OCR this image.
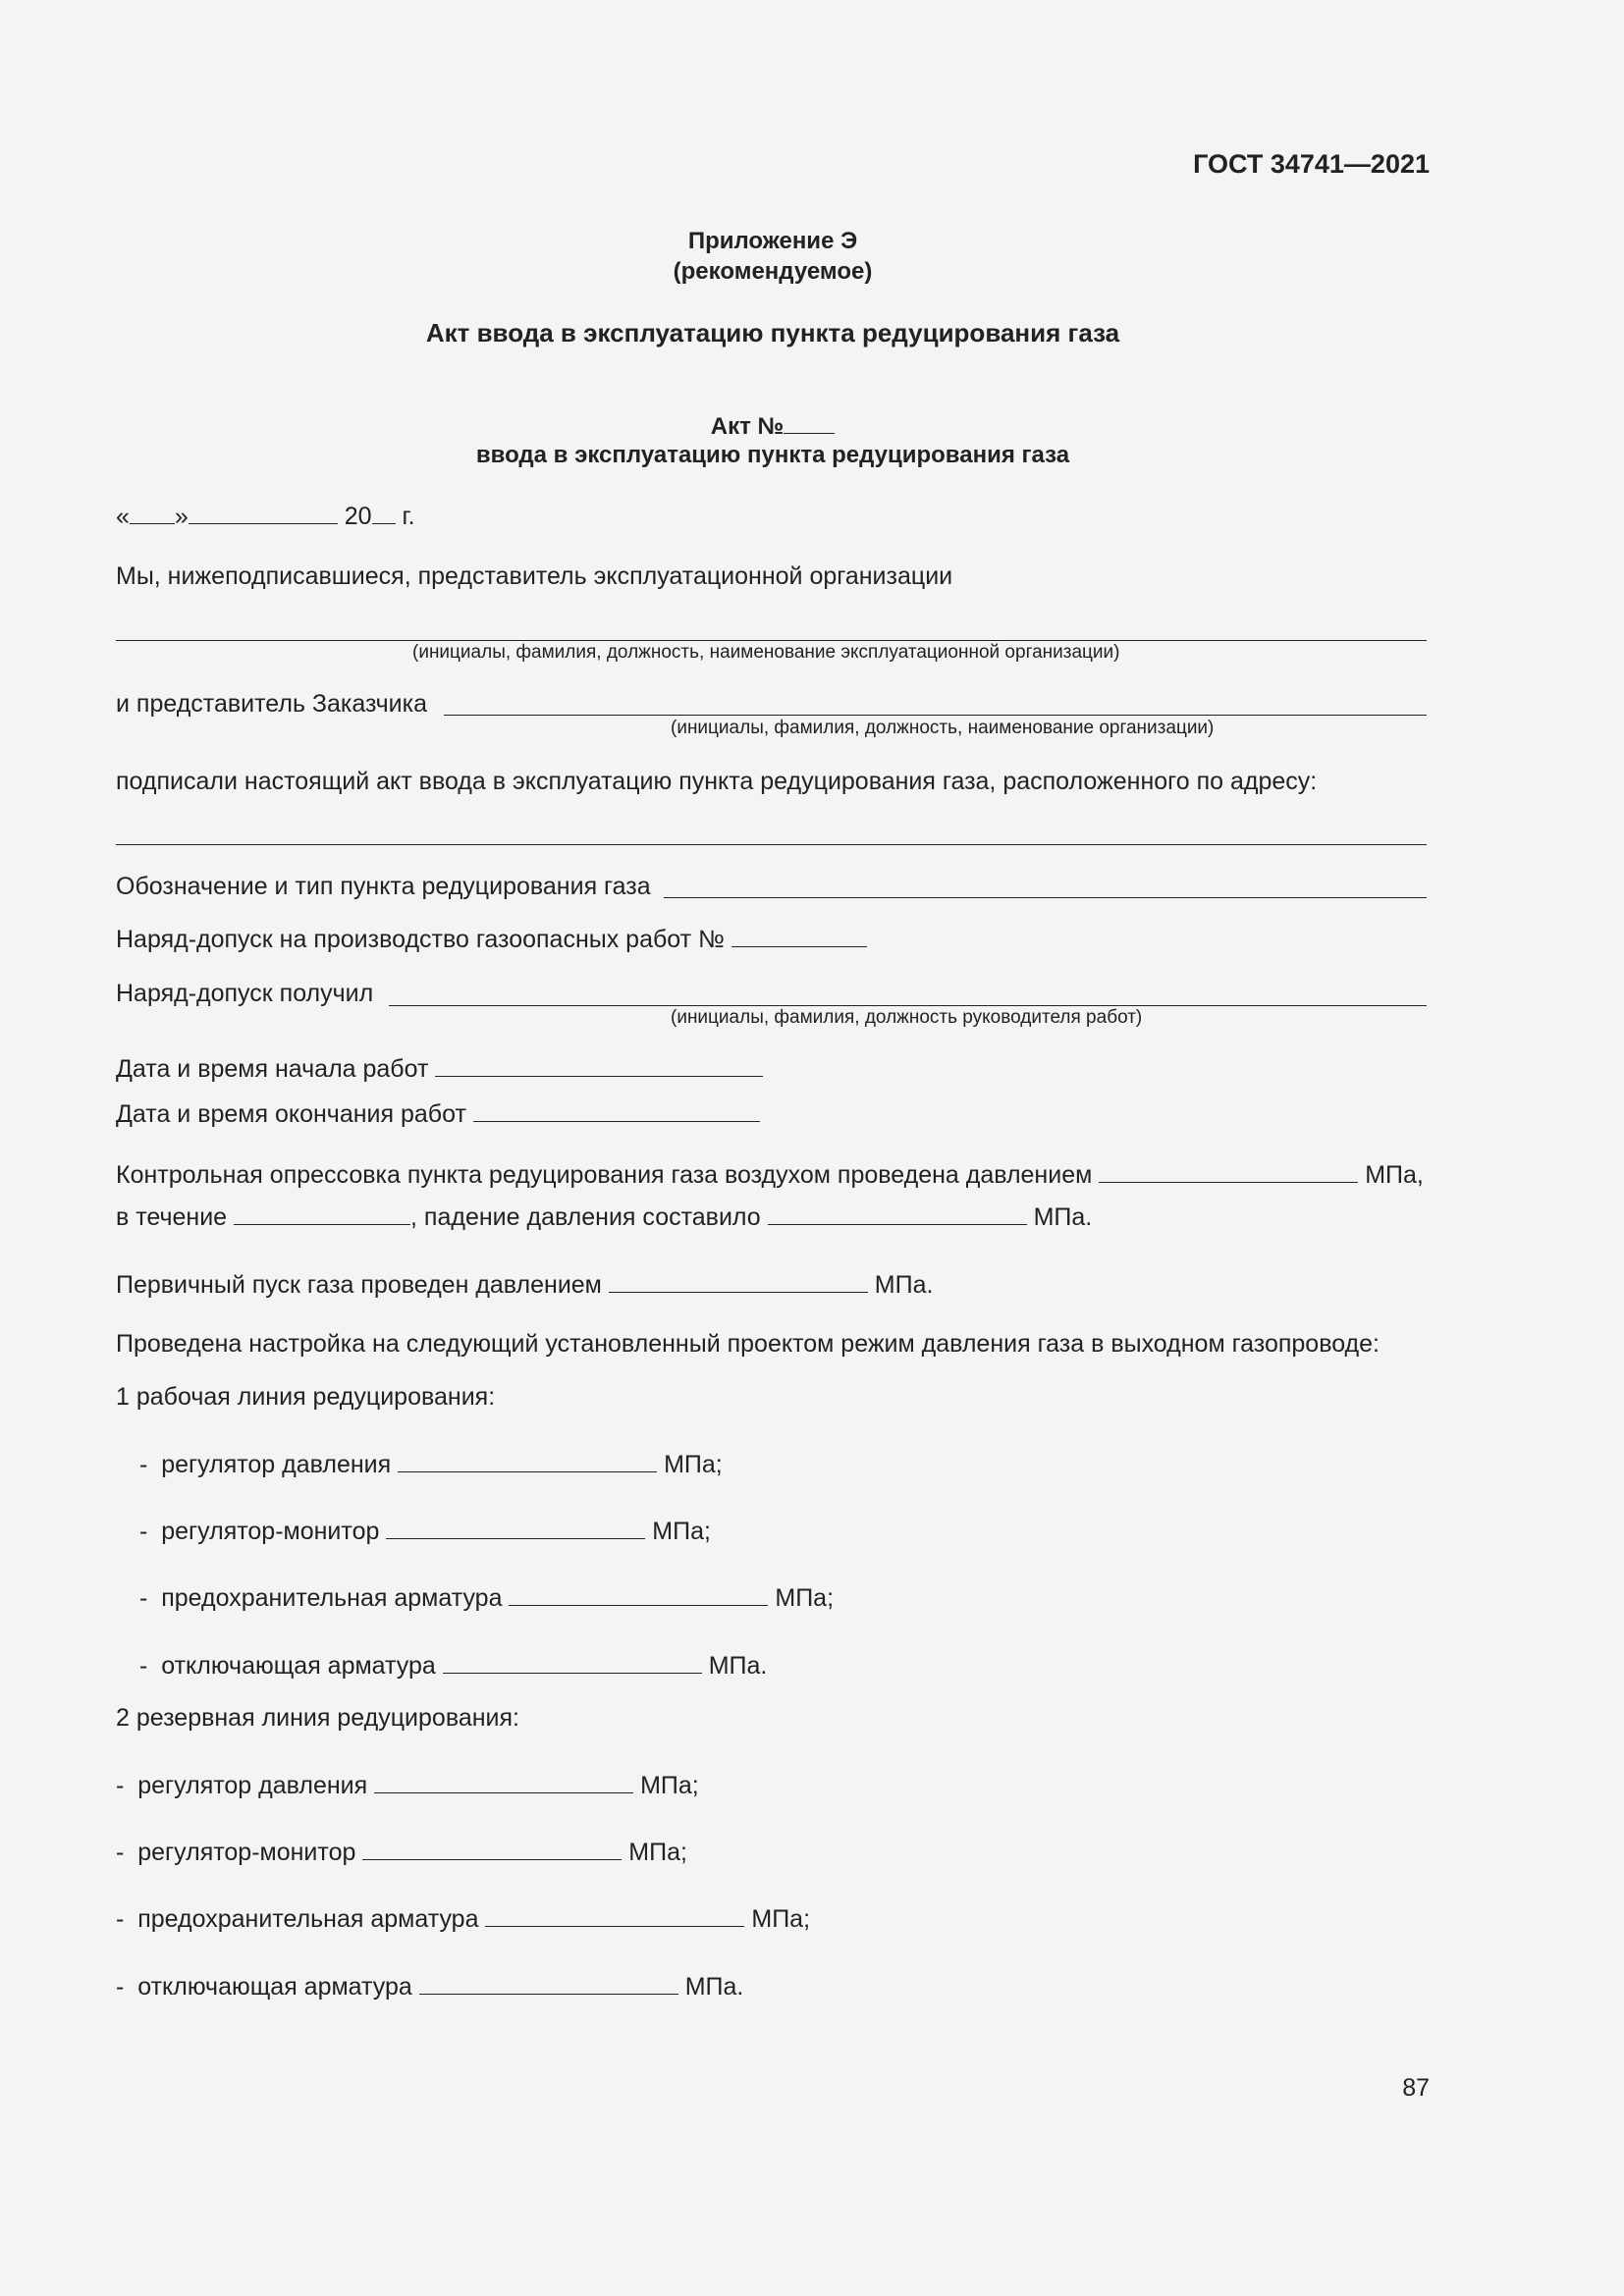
ГОСТ 34741—2021
Приложение Э
(рекомендуемое)
Акт ввода в эксплуатацию пункта редуцирования газа
Акт №
ввода в эксплуатацию пункта редуцирования газа
« »	20 г.
Мы, нижеподписавшиеся, представитель эксплуатационной организации
(инициалы, фамилия, должность, наименование эксплуатационной организации)
и представитель Заказчика
(инициалы, фамилия, должность, наименование организации)
подписали настоящий акт ввода в эксплуатацию пункта редуцирования газа, расположенного по адресу:
Обозначение и тип пункта редуцирования газа
Наряд-допуск на производство газоопасных работ №
Наряд-допуск получил
(инициалы, фамилия, должность руководителя работ)
Дата и время начала работ
Дата и время окончания работ
Контрольная опрессовка пункта редуцирования газа воздухом проведена давлением	МПа,
в течение	, падение давления составило	МПа.
Первичный пуск газа проведен давлением	МПа.
Проведена настройка на следующий установленный проектом режим давления газа в выходном газопроводе:
1 рабочая линия редуцирования:
- регулятор давления	МПа;
- регулятор-монитор	МПа;
- предохранительная арматура	МПа;
- отключающая арматура	МПа.
2 резервная линия редуцирования:
- регулятор давления	МПа;
- регулятор-монитор	МПа;
- предохранительная арматура	МПа;
- отключающая арматура	МПа.
87
